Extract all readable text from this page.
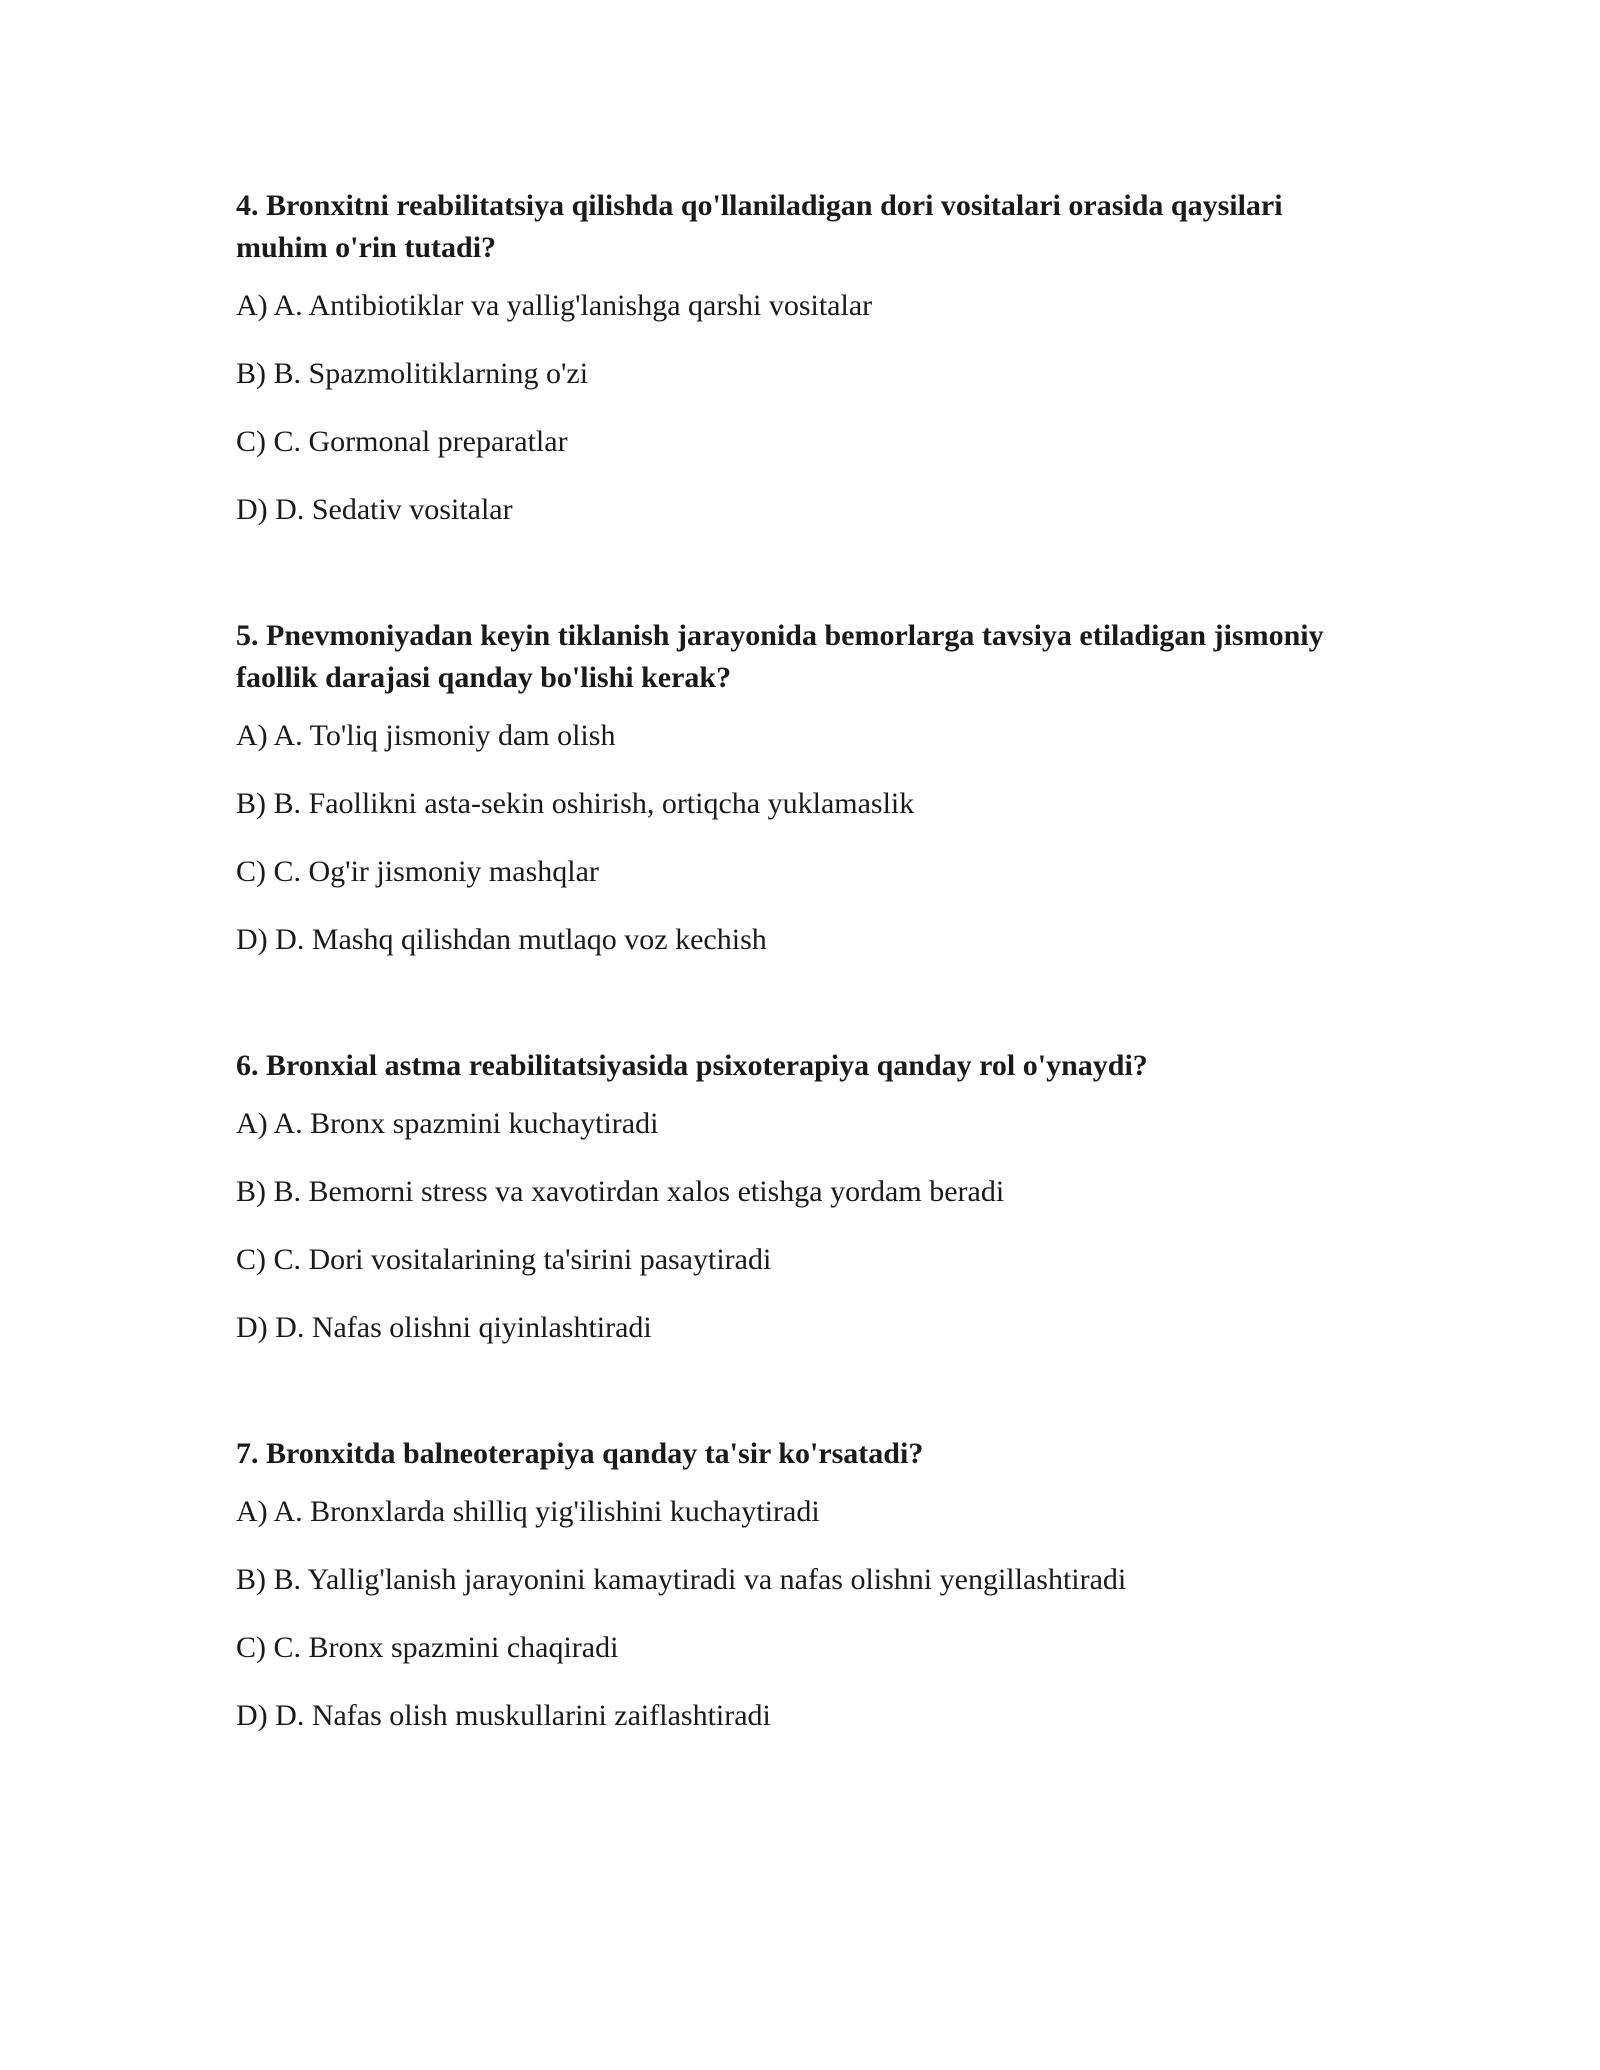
4. Bronxitni reabilitatsiya qilishda qo'llaniladigan dori vositalari orasida qaysilari muhim o'rin tutadi?

A) A. Antibiotiklar va yallig'lanishga qarshi vositalar

B) B. Spazmolitiklarning o'zi

C) C. Gormonal preparatlar

D) D. Sedativ vositalar

5. Pnevmoniyadan keyin tiklanish jarayonida bemorlarga tavsiya etiladigan jismoniy faollik darajasi qanday bo'lishi kerak?

A) A. To'liq jismoniy dam olish

B) B. Faollikni asta-sekin oshirish, ortiqcha yuklamaslik

C) C. Og'ir jismoniy mashqlar

D) D. Mashq qilishdan mutlaqo voz kechish

6. Bronxial astma reabilitatsiyasida psixoterapiya qanday rol o'ynaydi?

A) A. Bronx spazmini kuchaytiradi

B) B. Bemorni stress va xavotirdan xalos etishga yordam beradi

C) C. Dori vositalarining ta'sirini pasaytiradi

D) D. Nafas olishni qiyinlashtiradi

7. Bronxitda balneoterapiya qanday ta'sir ko'rsatadi?

A) A. Bronxlarda shilliq yig'ilishini kuchaytiradi

B) B. Yallig'lanish jarayonini kamaytiradi va nafas olishni yengillashtiradi

C) C. Bronx spazmini chaqiradi

D) D. Nafas olish muskullarini zaiflashtiradi
